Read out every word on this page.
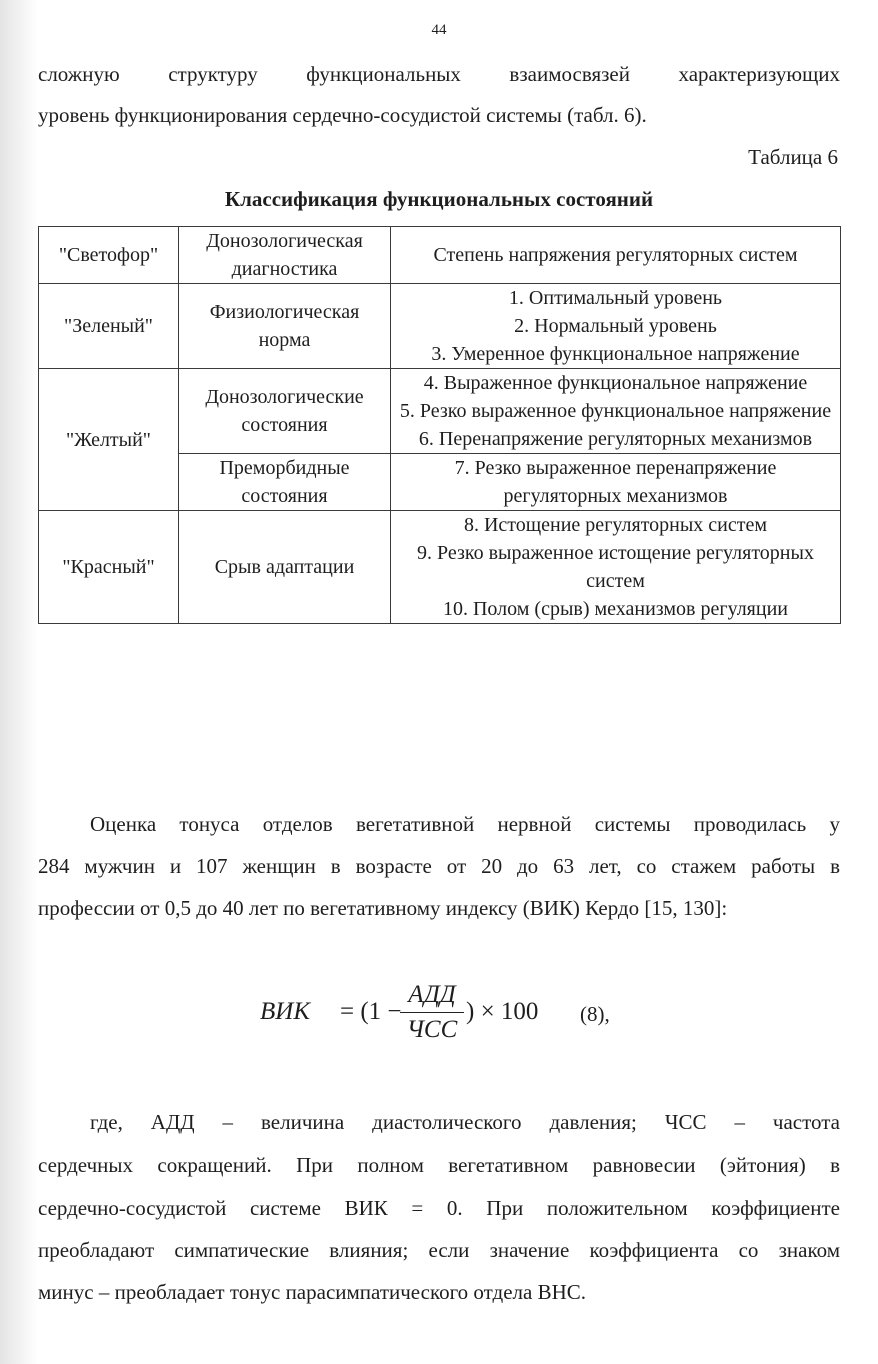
44
сложную структуру функциональных взаимосвязей характеризующих
уровень функционирования сердечно-сосудистой системы (табл. 6).
Таблица 6
Классификация функциональных состояний
"Светофор"	Донозологическая диагностика	Степень напряжения регуляторных систем
"Зеленый"	Физиологическая норма	1. Оптимальный уровень
2. Нормальный уровень
3. Умеренное функциональное напряжение

"Желтый"	Донозологические состояния	4. Выраженное функциональное напряжение
5. Резко выраженное функциональное напряжение
6. Перенапряжение регуляторных механизмов

	Преморбидные состояния	7. Резко выраженное перенапряжение регуляторных механизмов

"Красный"	Срыв адаптации	8. Истощение регуляторных систем
9. Резко выраженное истощение регуляторных систем
10. Полом (срыв) механизмов регуляции
Оценка тонуса отделов вегетативной нервной системы проводилась у
284 мужчин и 107 женщин в возрасте от 20 до 63 лет, со стажем работы в
профессии от 0,5 до 40 лет по вегетативному индексу (ВИК) Кердо [15, 130]:
ВИК = (1 −
АДД
ЧСС
) × 100 (8),
где, АДД – величина диастолического давления; ЧСС – частота
сердечных сокращений. При полном вегетативном равновесии (эйтония) в
сердечно-сосудистой системе ВИК = 0. При положительном коэффициенте
преобладают симпатические влияния; если значение коэффициента со знаком
минус – преобладает тонус парасимпатического отдела ВНС.
